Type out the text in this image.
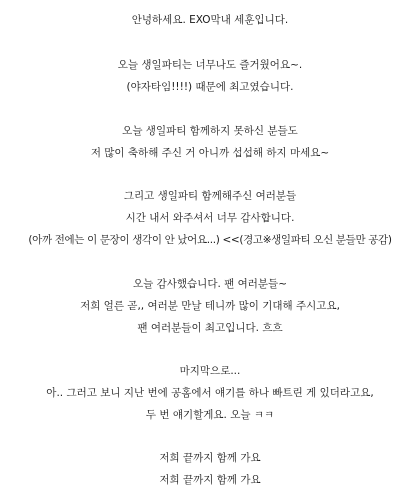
안녕하세요. EXO막내 세훈입니다.
오늘 생일파티는 너무나도 즐거웠어요~.
(야자타임!!!!) 때문에 최고였습니다.
오늘 생일파티 함께하지 못하신 분들도
저 많이 축하해 주신 거 아니까 섭섭해 하지 마세요~
그리고 생일파티 함께해주신 여러분들
시간 내서 와주셔서 너무 감사합니다.
(아까 전에는 이 문장이 생각이 안 났어요...) <<(경고※생일파티 오신 분들만 공감)
오늘 감사했습니다. 팬 여러분들~
저희 얼른 곧,, 여러분 만날 테니까 많이 기대해 주시고요,
팬 여러분들이 최고입니다. 흐흐
마지막으로...
아.. 그러고 보니 지난 번에 공홈에서 얘기를 하나 빠트린 게 있더라고요,
두 번 얘기할게요. 오늘 ㅋㅋ
저희 끝까지 함께 가요
저희 끝까지 함께 가요
